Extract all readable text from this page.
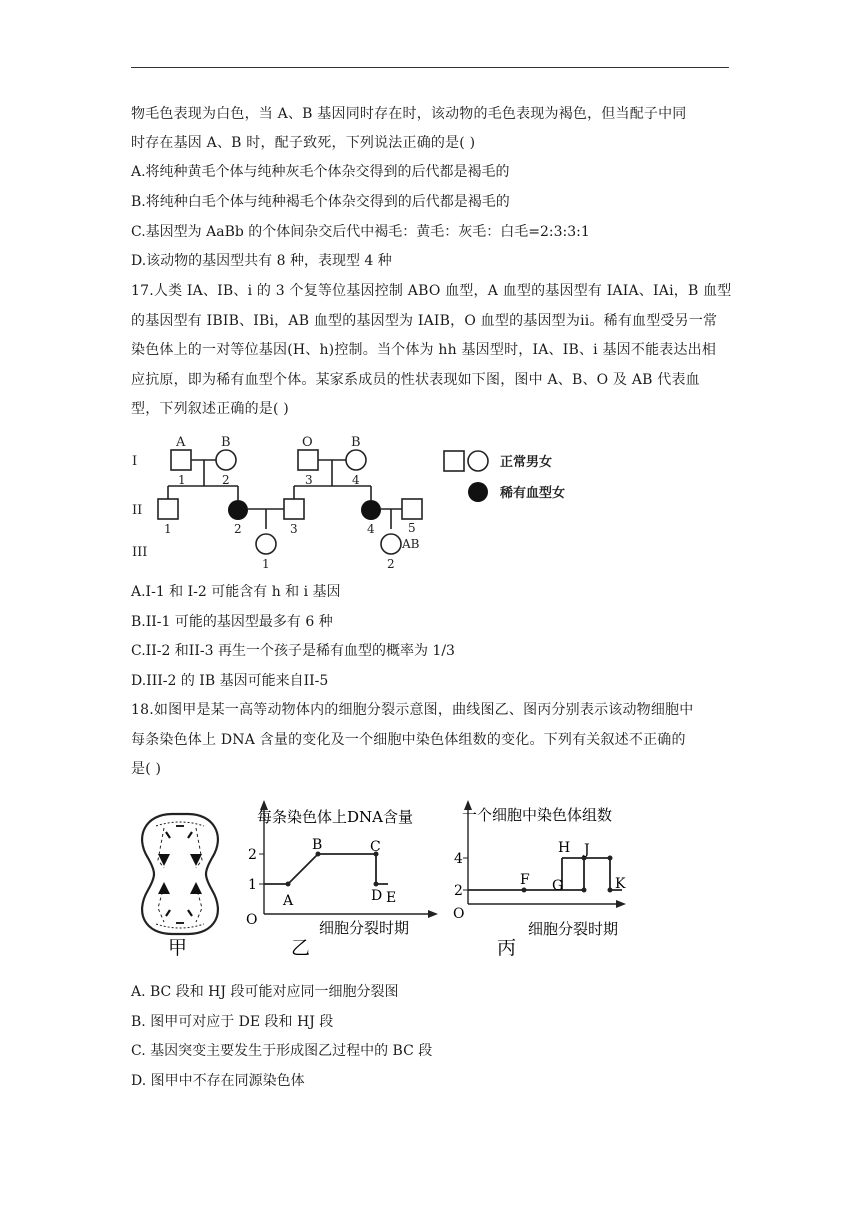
物毛色表现为白色，当 A、B 基因同时存在时，该动物的毛色表现为褐色，但当配子中同
时存在基因 A、B 时，配子致死，下列说法正确的是( )
A.将纯种黄毛个体与纯种灰毛个体杂交得到的后代都是褐毛的
B.将纯种白毛个体与纯种褐毛个体杂交得到的后代都是褐毛的
C.基因型为 AaBb 的个体间杂交后代中褐毛：黄毛：灰毛：白毛=2:3:3:1
D.该动物的基因型共有 8 种，表现型 4 种
17.人类 IA、IB、i 的 3 个复等位基因控制 ABO 血型，A 血型的基因型有 IAIA、IAi，B 血型
的基因型有 IBIB、IBi，AB 血型的基因型为 IAIB，O 血型的基因型为ii。稀有血型受另一常
染色体上的一对等位基因(H、h)控制。当个体为 hh 基因型时，IA、IB、i 基因不能表达出相
应抗原，即为稀有血型个体。某家系成员的性状表现如下图，图中 A、B、O 及 AB 代表血
型，下列叙述正确的是( )
I
II
III
A	B	O	B
1	2	3	4
1	2	3	4	5
AB
1	2
正常男女
稀有血型女
A.I-1 和 I-2 可能含有 h 和 i 基因
B.II-1 可能的基因型最多有 6 种
C.II-2 和II-3 再生一个孩子是稀有血型的概率为 1/3
D.III-2 的 IB 基因可能来自II-5
18.如图甲是某一高等动物体内的细胞分裂示意图，曲线图乙、图丙分别表示该动物细胞中
每条染色体上 DNA 含量的变化及一个细胞中染色体组数的变化。下列有关叙述不正确的
是( )
甲
每条染色体上DNA含量
细胞分裂时期
O
2
1
A
B	C
D E
乙
一个细胞中染色体组数
细胞分裂时期
O
4
2
F G
H J
K
丙
A. BC 段和 HJ 段可能对应同一细胞分裂图
B. 图甲可对应于 DE 段和 HJ 段
C. 基因突变主要发生于形成图乙过程中的 BC 段
D. 图甲中不存在同源染色体
